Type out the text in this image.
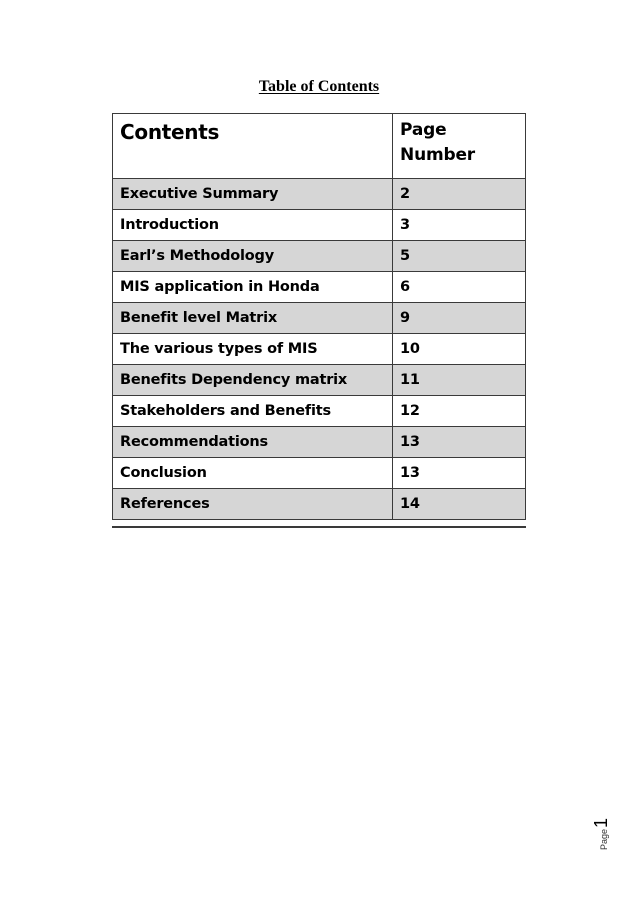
Table of Contents
Contents	Page Number
Executive Summary	2
Introduction	3
Earl’s Methodology	5
MIS application in Honda	6
Benefit level Matrix	9
The various types of MIS	10
Benefits Dependency matrix	11
Stakeholders and Benefits	12
Recommendations	13
Conclusion	13
References	14
Page
1
